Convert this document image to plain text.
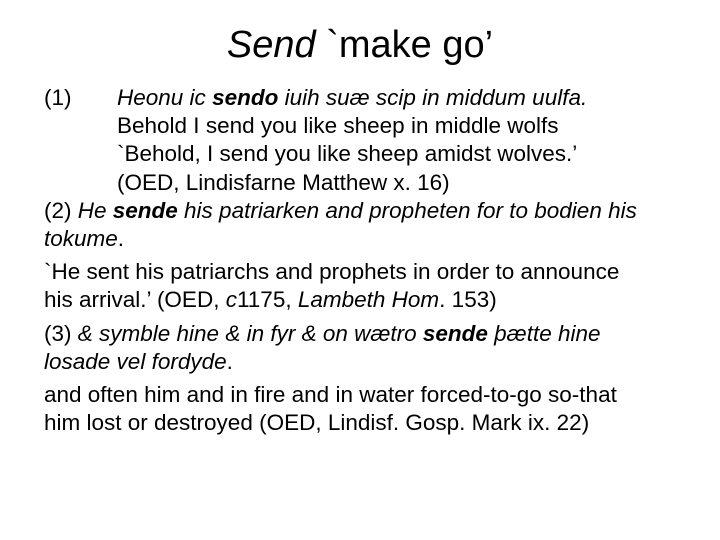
Send `make go’
(1) Heonu ic sendo iuih suæ scip in middum uulfa.
Behold I send you like sheep in middle wolfs
`Behold, I send you like sheep amidst wolves.’
(OED, Lindisfarne Matthew x. 16)
(2) He sende his patriarken and propheten for to bodien his
tokume.
`He sent his patriarchs and prophets in order to announce
his arrival.’ (OED, c1175, Lambeth Hom. 153)
(3) & symble hine & in fyr & on wætro sende þætte hine
losade vel fordyde.
and often him and in fire and in water forced-to-go so-that
him lost or destroyed (OED, Lindisf. Gosp. Mark ix. 22)
